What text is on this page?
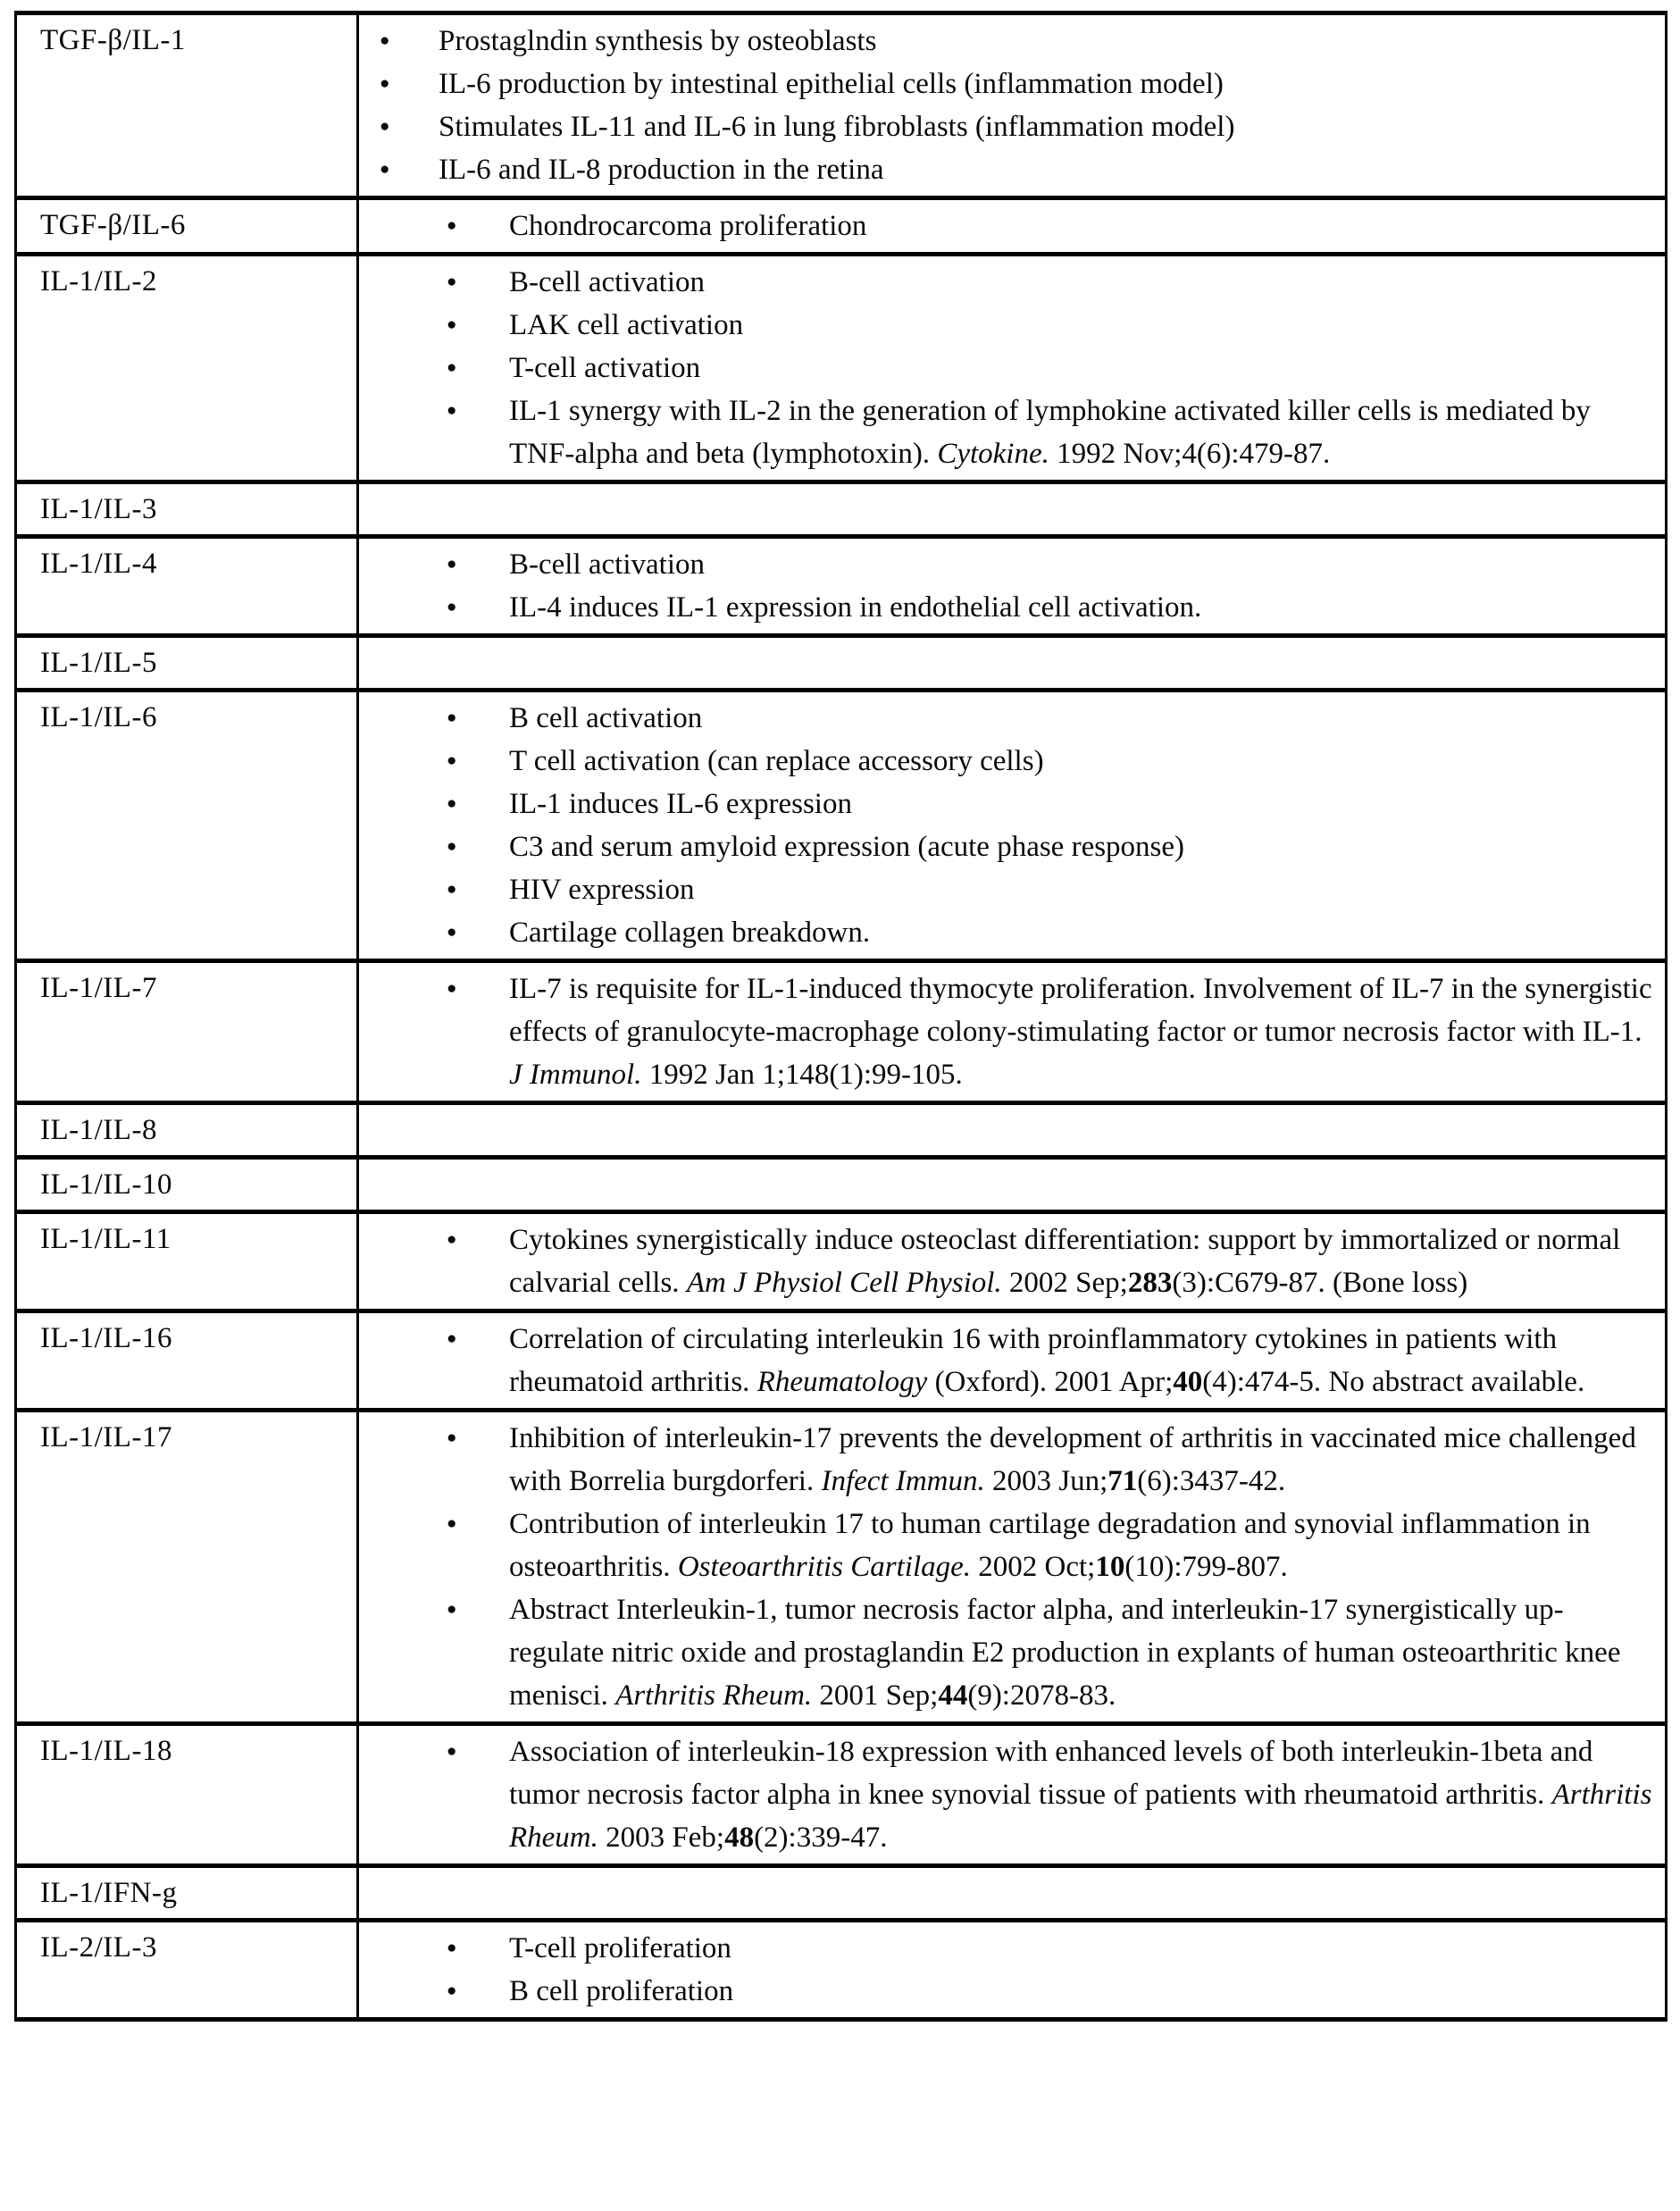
TGF-β/IL-1	●	Prostaglndin synthesis by osteoblasts
●	IL-6 production by intestinal epithelial cells (inflammation model)
●	Stimulates IL-11 and IL-6 in lung fibroblasts (inflammation model)
●	IL-6 and IL-8 production in the retina

TGF-β/IL-6	● Chondrocarcoma proliferation

IL-1/IL-2	●	B-cell activation
●	LAK cell activation
●	T-cell activation
●	IL-1 synergy with IL-2 in the generation of lymphokine activated killer cells is mediated by TNF-alpha and beta (lymphotoxin). Cytokine. 1992 Nov;4(6):479-87.

IL-1/IL-3	
IL-1/IL-4	● B-cell activation
● IL-4 induces IL-1 expression in endothelial cell activation.

IL-1/IL-5	
IL-1/IL-6	●	B cell activation
●	T cell activation (can replace accessory cells)
●	IL-1 induces IL-6 expression
●	C3 and serum amyloid expression (acute phase response)
●	HIV expression
●	Cartilage collagen breakdown.

IL-1/IL-7	● IL-7 is requisite for IL-1-induced thymocyte proliferation. Involvement of IL-7 in the synergistic effects of granulocyte-macrophage colony-stimulating factor or tumor necrosis factor with IL-1. J Immunol. 1992 Jan 1;148(1):99-105.

IL-1/IL-8	
IL-1/IL-10	
IL-1/IL-11	● Cytokines synergistically induce osteoclast differentiation: support by immortalized or normal calvarial cells. Am J Physiol Cell Physiol. 2002 Sep;283(3):C679-87. (Bone loss)

IL-1/IL-16	● Correlation of circulating interleukin 16 with proinflammatory cytokines in patients with rheumatoid arthritis. Rheumatology (Oxford). 2001 Apr;40(4):474-5. No abstract available.

IL-1/IL-17	●	Inhibition of interleukin-17 prevents the development of arthritis in vaccinated mice challenged with Borrelia burgdorferi. Infect Immun. 2003 Jun;71(6):3437-42.
●	Contribution of interleukin 17 to human cartilage degradation and synovial inflammation in osteoarthritis. Osteoarthritis Cartilage. 2002 Oct;10(10):799-807.
●	Abstract Interleukin-1, tumor necrosis factor alpha, and interleukin-17 synergistically up-regulate nitric oxide and prostaglandin E2 production in explants of human osteoarthritic knee menisci. Arthritis Rheum. 2001 Sep;44(9):2078-83.

IL-1/IL-18	● Association of interleukin-18 expression with enhanced levels of both interleukin-1beta and tumor necrosis factor alpha in knee synovial tissue of patients with rheumatoid arthritis. Arthritis Rheum. 2003 Feb;48(2):339-47.

IL-1/IFN-g	
IL-2/IL-3	● T-cell proliferation
● B cell proliferation
